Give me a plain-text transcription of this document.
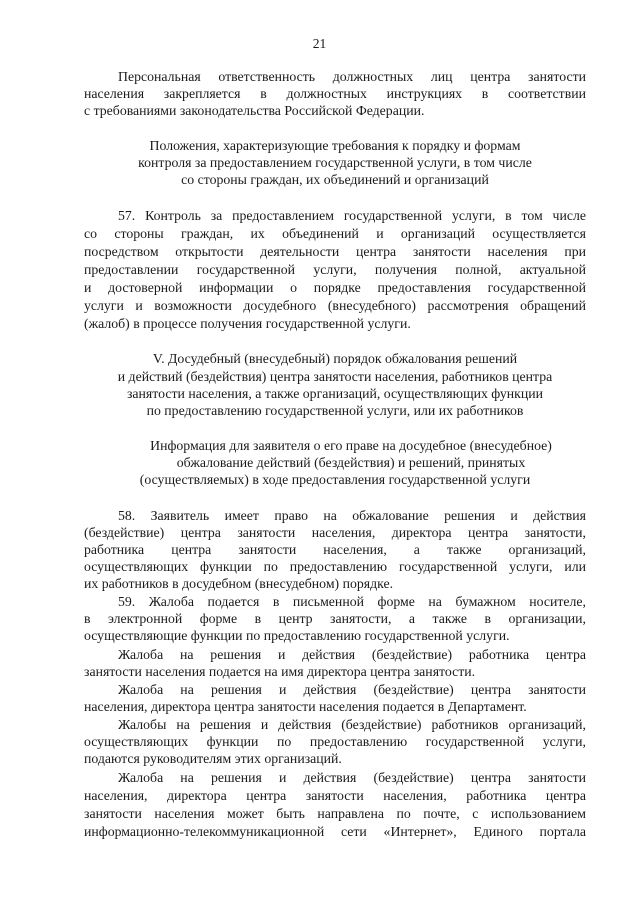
21
Персональная ответственность должностных лиц центра занятости
населения закрепляется в должностных инструкциях в соответствии
с требованиями законодательства Российской Федерации.
Положения, характеризующие требования к порядку и формам
контроля за предоставлением государственной услуги, в том числе
со стороны граждан, их объединений и организаций
57. Контроль за предоставлением государственной услуги, в том числе
со стороны граждан, их объединений и организаций осуществляется
посредством открытости деятельности центра занятости населения при
предоставлении государственной услуги, получения полной, актуальной
и достоверной информации о порядке предоставления государственной
услуги и возможности досудебного (внесудебного) рассмотрения обращений
(жалоб) в процессе получения государственной услуги.
V. Досудебный (внесудебный) порядок обжалования решений
и действий (бездействия) центра занятости населения, работников центра
занятости населения, а также организаций, осуществляющих функции
по предоставлению государственной услуги, или их работников
Информация для заявителя о его праве на досудебное (внесудебное)
обжалование действий (бездействия) и решений, принятых
(осуществляемых) в ходе предоставления государственной услуги
58. Заявитель имеет право на обжалование решения и действия
(бездействие) центра занятости населения, директора центра занятости,
работника центра занятости населения, а также организаций,
осуществляющих функции по предоставлению государственной услуги, или
их работников в досудебном (внесудебном) порядке.
59. Жалоба подается в письменной форме на бумажном носителе,
в электронной форме в центр занятости, а также в организации,
осуществляющие функции по предоставлению государственной услуги.
Жалоба на решения и действия (бездействие) работника центра
занятости населения подается на имя директора центра занятости.
Жалоба на решения и действия (бездействие) центра занятости
населения, директора центра занятости населения подается в Департамент.
Жалобы на решения и действия (бездействие) работников организаций,
осуществляющих функции по предоставлению государственной услуги,
подаются руководителям этих организаций.
Жалоба на решения и действия (бездействие) центра занятости
населения, директора центра занятости населения, работника центра
занятости населения может быть направлена по почте, с использованием
информационно-телекоммуникационной сети «Интернет», Единого портала
